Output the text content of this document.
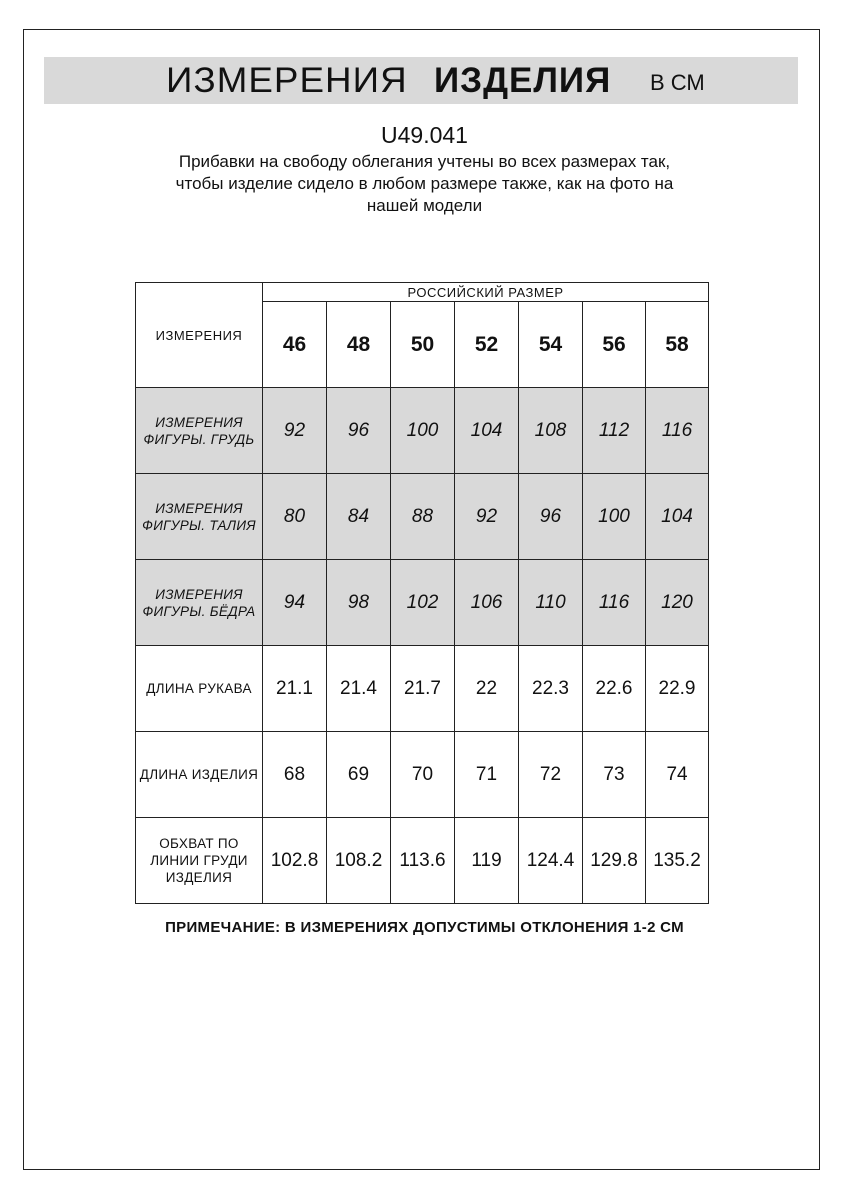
ИЗМЕРЕНИЯ ИЗДЕЛИЯ В СМ
U49.041
Прибавки на свободу облегания учтены во всех размерах так,
чтобы изделие сидело в любом размере также, как на фото на
нашей модели
ИЗМЕРЕНИЯ	РОССИЙСКИЙ РАЗМЕР						
	46	48	50	52	54	56	58

ИЗМЕРЕНИЯ
ФИГУРЫ. ГРУДЬ	92	96	100	104	108	112	116

ИЗМЕРЕНИЯ
ФИГУРЫ. ТАЛИЯ	80	84	88	92	96	100	104

ИЗМЕРЕНИЯ
ФИГУРЫ. БЁДРА	94	98	102	106	110	116	120

ДЛИНА РУКАВА	21.1	21.4	21.7	22	22.3	22.6	22.9

ДЛИНА ИЗДЕЛИЯ	68	69	70	71	72	73	74

ОБХВАТ ПО
ЛИНИИ ГРУДИ
ИЗДЕЛИЯ	102.8	108.2	113.6	119	124.4	129.8	135.2
ПРИМЕЧАНИЕ: В ИЗМЕРЕНИЯХ ДОПУСТИМЫ ОТКЛОНЕНИЯ 1-2 СМ
